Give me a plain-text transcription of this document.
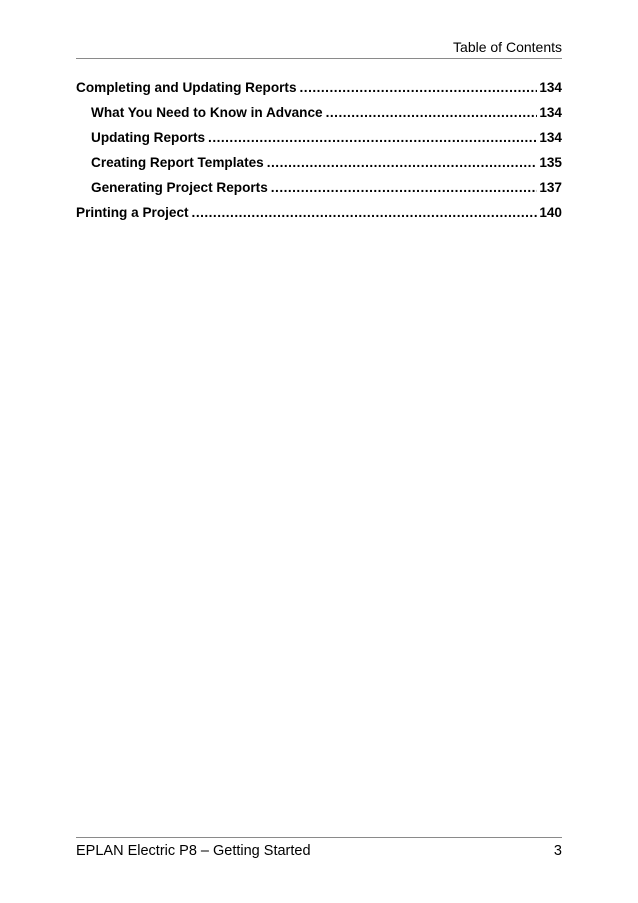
Table of Contents
Completing and Updating Reports .....	134
What You Need to Know in Advance .....	134
Updating Reports .....	134
Creating Report Templates .....	135
Generating Project Reports .....	137
Printing a Project .....	140
EPLAN Electric P8 – Getting Started	3
